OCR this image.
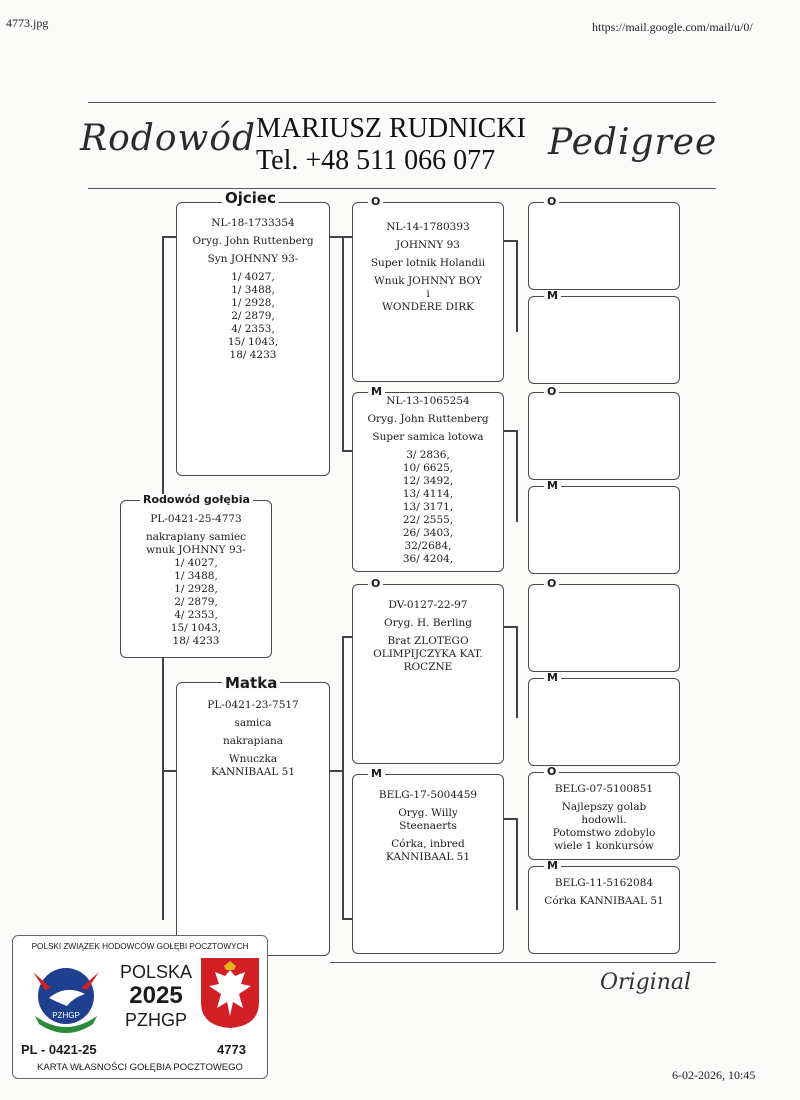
4773.jpg	https://mail.google.com/mail/u/0/
Rodowód MARIUSZ RUDNICKI
Tel. +48 511 066 077 Pedigree
NL-18-1733354

Oryg. John Ruttenberg

Syn JOHNNY 93-

1/ 4027,
1/ 3488,
1/ 2928,
2/ 2879,
4/ 2353,
15/ 1043,
18/ 4233
Ojciec
PL-0421-25-4773

nakrapiany samiec
wnuk JOHNNY 93-
1/ 4027,
1/ 3488,
1/ 2928,
2/ 2879,
4/ 2353,
15/ 1043,
18/ 4233
Rodowód gołębia
PL-0421-23-7517

samica

nakrapiana

Wnuczka
KANNIBAAL 51
Matka
NL-14-1780393

JOHNNY 93

Super lotnik Holandii

Wnuk JOHNNY BOY
i
WONDERE DIRK
O
NL-13-1065254

Oryg. John Ruttenberg

Super samica lotowa

3/ 2836,
10/ 6625,
12/ 3492,
13/ 4114,
13/ 3171,
22/ 2555,
26/ 3403,
32/2684,
36/ 4204,
M
DV-0127-22-97

Oryg. H. Berling

Brat ZLOTEGO
OLIMPIJCZYKA KAT.
ROCZNE
O
BELG-17-5004459

Oryg. Willy
Steenaerts

Córka, inbred
KANNIBAAL 51
M
O
M
O
M
O
M
BELG-07-5100851

Najlepszy golab
hodowli.
Potomstwo zdobylo
wiele 1 konkursów
O
BELG-11-5162084

Córka KANNIBAAL 51
M
Original
POLSKI ZWIĄZEK HODOWCÓW GOŁĘBI POCZTOWYCH
PZHGP
POLSKA
2025
PZHGP
PL - 0421-25	4773
KARTA WŁASNOŚCI GOŁĘBIA POCZTOWEGO
6-02-2026, 10:45
